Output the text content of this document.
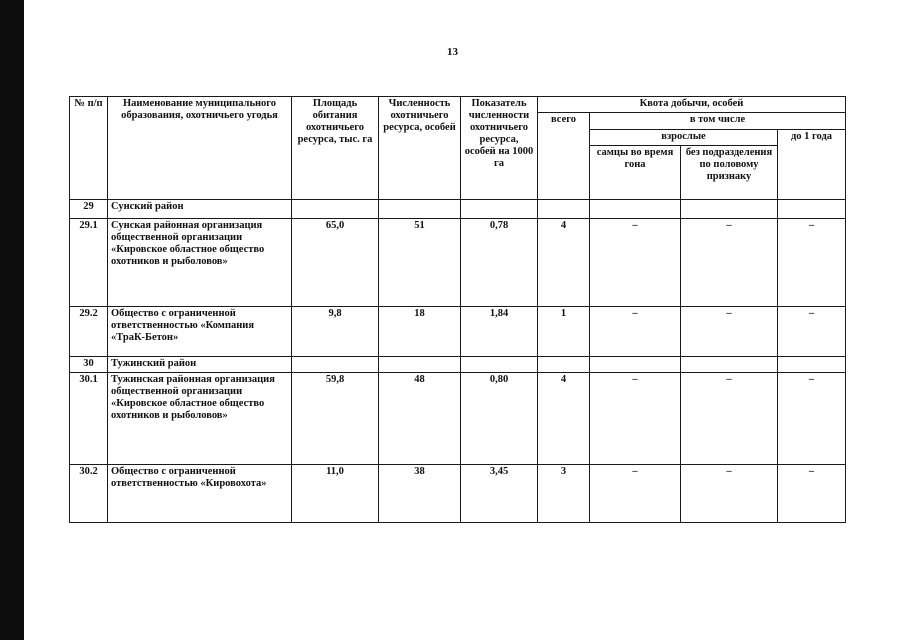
13
№ п/п	Наименование муниципального образования, охотничьего угодья	Площадь обитания охотничьего ресурса, тыс. га	Численность охотничьего ресурса, особей	Показатель численности охотничьего ресурса, особей на 1000 га	Квота добычи, особей			
					всего	в том числе		
						взрослые		до 1 года
						самцы во время гона	без подразделения по половому признаку	
29	Сунский район							
29.1	Сунская районная организация общественной организации «Кировское областное общество охотников и рыболовов»	65,0	51	0,78	4	–	–	–
29.2	Общество с ограниченной ответственностью «Компания «ТраК-Бетон»	9,8	18	1,84	1	–	–	–
30	Тужинский район							
30.1	Тужинская районная организация общественной организации «Кировское областное общество охотников и рыболовов»	59,8	48	0,80	4	–	–	–
30.2	Общество с ограниченной ответственностью «Кировохота»	11,0	38	3,45	3	–	–	–
